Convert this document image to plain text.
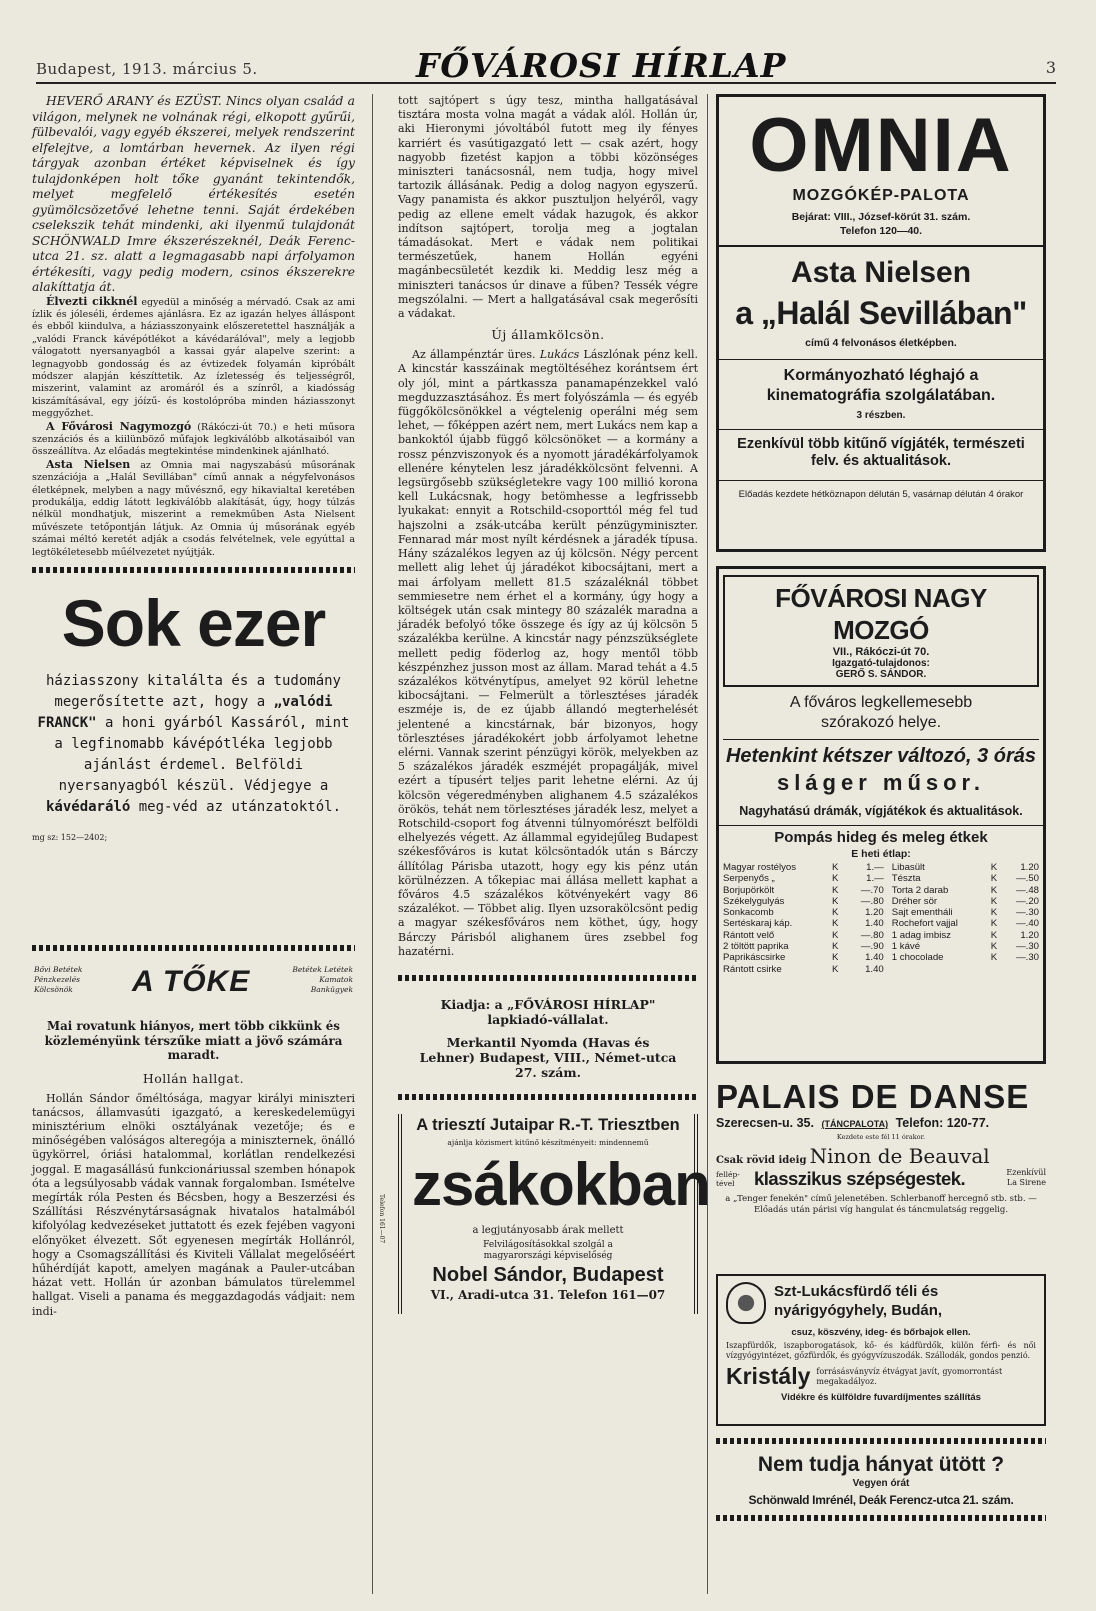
Budapest, 1913. március 5.	FŐVÁROSI HÍRLAP	3

HEVERŐ ARANY és EZÜST. Nincs olyan család a világon, melynek ne volnának régi, elkopott gyűrűi, fülbevalói, vagy egyéb ékszerei, melyek rendszerint elfelejtve, a lomtárban hevernek. Az ilyen régi tárgyak azonban értéket képviselnek és így tulajdonképen holt tőke gyanánt tekintendők, melyet megfelelő értékesítés esetén gyümölcsözetővé lehetne tenni. Saját érdekében cselekszik tehát mindenki, aki ilyenmű tulajdonát SCHÖNWALD Imre ékszerészeknél, Deák Ferenc-utca 21. sz. alatt a legmagasabb napi árfolyamon értékesíti, vagy pedig modern, csinos ékszerekre alakíttatja át.

Élvezti cikknél egyedül a minőség a mérvadó. Csak az ami ízlik és jóleséli, érdemes ajánlásra. Ez az igazán helyes álláspont és ebből kiindulva, a háziasszonyaink előszeretettel használják a „valódi Franck kávépótlékot a kávédarálóval", mely a legjobb válogatott nyersanyagból a kassai gyár alapelve szerint: a legnagyobb gondosság és az évtizedek folyamán kipróbált módszer alapján készíttetik. Az ízletesség és teljességről, miszerint, valamint az aromáról és a színről, a kiadósság kiszámításával, egy jóízű- és kostolópróba minden háziasszonyt meggyőzhet.

A Fővárosi Nagymozgó (Rákóczi-út 70.) e heti műsora szenzációs és a kiilünböző műfajok legkiválóbb alkotásaiból van összeállítva. Az előadás megtekintése mindenkinek ajánlható.

Asta Nielsen az Omnia mai nagyszabású műsorának szenzációja a „Halál Sevillában" című annak a négyfelvonásos életképnek, melyben a nagy művésznő, egy hikavialtal keretében produkálja, eddig látott legkiválóbb alakítását, úgy, hogy túlzás nélkül mondhatjuk, miszerint a remekműben Asta Nielsent művészete tetőpontján látjuk. Az Omnia új műsorának egyéb számai méltó keretét adják a csodás felvételnek, vele egyúttal a legtökéletesebb műélvezetet nyújtják.

Sok ezer

háziasszony kitalálta és a tudomány megerősítette azt, hogy a „valódi FRANCK" a honi gyárból Kassáról, mint a legfinomabb kávépótléka legjobb ajánlást érdemel. Belföldi nyersanyagból készül. Védjegye a kávédaráló meg-véd az utánzatoktól.

mg sz: 152—2402;
Bővi Betétek Pénzkezelés Kölcsönök	A TŐKE	Betétek Letétek Kamatok Bankügyek

Mai rovatunk hiányos, mert több cikkünk és közleményünk térszűke miatt a jövő számára maradt.

Hollán hallgat.

Hollán Sándor őméltósága, magyar királyi miniszteri tanácsos, államvasúti igazgató, a kereskedelemügyi minisztérium elnöki osztályának vezetője; és e minőségében valóságos alteregója a miniszternek, önálló ügykörrel, óriási hatalommal, korlátlan rendelkezési joggal. E magasállású funkcionáriussal szemben hónapok óta a legsúlyosabb vádak vannak forgalomban. Ismételve megírták róla Pesten és Bécsben, hogy a Beszerzési és Szállítási Részvénytársaságnak hivatalos hatalmából kifolyólag kedvezéseket juttatott és ezek fejében vagyoni előnyöket élvezett. Sőt egyenesen megírták Hollánról, hogy a Csomagszállítási és Kiviteli Vállalat megelőséért hűhérdíját kapott, amelyen magának a Pauler-utcában házat vett. Hollán úr azonban bámulatos türelemmel hallgat. Viseli a panama és meggazdagodás vádjait: nem indi-

tott sajtópert s úgy tesz, mintha hallgatásával tisztára mosta volna magát a vádak alól. Hollán úr, aki Hieronymi jóvoltából futott meg ily fényes karriért és vasútigazgató lett — csak azért, hogy nagyobb fizetést kapjon a többi közönséges miniszteri tanácsosnál, nem tudja, hogy mivel tartozik állásának. Pedig a dolog nagyon egyszerű. Vagy panamista és akkor pusztuljon helyéről, vagy pedig az ellene emelt vádak hazugok, és akkor indítson sajtópert, torolja meg a jogtalan támadásokat. Mert e vádak nem politikai természetűek, hanem Hollán egyéni magánbecsületét kezdik ki. Meddig lesz még a miniszteri tanácsos úr dinave a fűben? Tessék végre megszólalni. — Mert a hallgatásával csak megerősíti a vádakat.

Új államkölcsön.

Az állampénztár üres. Lukács Lászlónak pénz kell. A kincstár kasszáinak megtöltéséhez korántsem ért oly jól, mint a pártkassza panamapénzekkel való megduzzasztásához. És mert folyószámla — és egyéb függőkölcsönökkel a végtelenig operálni még sem lehet, — főképpen azért nem, mert Lukács nem kap a bankoktól újabb függő kölcsönöket — a kormány a rossz pénzviszonyok és a nyomott járadékárfolyamok ellenére kénytelen lesz járadékkölcsönt felvenni. A legsürgősebb szükségletekre vagy 100 millió korona kell Lukácsnak, hogy betömhesse a legfrissebb lyukakat: ennyit a Rotschild-csoporttól még fel tud hajszolni a zsák-utcába került pénzügyminiszter. Fennarad már most nyílt kérdésnek a járadék típusa. Hány százalékos legyen az új kölcsön. Négy percent mellett alig lehet új járadékot kibocsájtani, mert a mai árfolyam mellett 81.5 százaléknál többet semmiesetre nem érhet el a kormány, úgy hogy a költségek után csak mintegy 80 százalék maradna a járadék befolyó tőke összege és így az új kölcsön 5 százalékba kerülne. A kincstár nagy pénzszükséglete mellett pedig föderlog az, hogy mentől több készpénzhez jusson most az állam. Marad tehát a 4.5 százalékos kötvénytípus, amelyet 92 körül lehetne kibocsájtani. — Felmerült a törlesztéses járadék eszméje is, de ez újabb állandó megterhelését jelentené a kincstárnak, bár bizonyos, hogy törlesztéses járadékokért jobb árfolyamot lehetne elérni. Vannak szerint pénzügyi körök, melyekben az 5 százalékos járadék eszméjét propagálják, mivel ezért a típusért teljes parit lehetne elérni. Az új kölcsön végeredményben alighanem 4.5 százalékos örökös, tehát nem törlesztéses járadék lesz, melyet a Rotschild-csoport fog átvenni túlnyomórészt belföldi elhelyezés végett. Az állammal egyidejűleg Budapest székesfőváros is kutat kölcsöntadók után s Bárczy állítólag Párisba utazott, hogy egy kis pénz után körülnézzen. A tőkepiac mai állása mellett kaphat a főváros 4.5 százalékos kötvényekért vagy 86 százalékot. — Többet alig. Ilyen uzsorakölcsönt pedig a magyar székesfőváros nem köthet, úgy, hogy Bárczy Párisból alighanem üres zsebbel fog hazatérni.

Kiadja: a „FŐVÁROSI HÍRLAP" lapkiadó-vállalat.

Merkantil Nyomda (Havas és Lehner) Budapest, VIII., Német-utca 27. szám.

A triesztí Jutaipar R.-T. Triesztben
ajánlja közismert kitűnő készítményeit: mindennemű
zsákokban
a legjutányosabb árak mellett
Felvilágosításokkal szolgál a magyarországi képviselőség
Nobel Sándor, Budapest
VI., Aradi-utca 31. Telefon 161—07
Telefon 161—07
OMNIA
MOZGÓKÉP-PALOTA
Bejárat: VIII., József-körút 31. szám.
Telefon 120—40.
Asta Nielsen
a „Halál Sevillában"
című 4 felvonásos életképben.
Kormányozható léghajó a kinematográfia szolgálatában.
3 részben.
Ezenkívül több kitűnő vígjáték, természeti felv. és aktualitások.
Előadás kezdete hétköznapon délután 5, vasárnap délután 4 órakor
FŐVÁROSI NAGY MOZGÓ
VII., Rákóczi-út 70.
Igazgató-tulajdonos:
GERŐ S. SÁNDOR.
A főváros legkellemesebb szórakozó helye.
Hetenkint kétszer változó, 3 órás
sláger műsor.
Nagyhatású drámák, vígjátékok és aktualitások.
Pompás hideg és meleg étkek
E heti étlap:
Magyar rostélyos	K	1.—	Libasült	K	1.20
Serpenyős „	K	1.—	Tészta	K	—.50
Borjupörkölt	K	—.70	Torta 2 darab	K	—.48
Székelygulyás	K	—.80	Dréher sör	K	—.20
Sonkacomb	K	1.20	Sajt ementháli	K	—.30
Sertéskaraj káp.	K	1.40	Rochefort vajjal	K	—.40
Rántott velő	K	—.80	1 adag imbisz	K	1.20
2 töltött paprika	K	—.90	1 kávé	K	—.30
Paprikáscsirke	K	1.40	1 chocolade	K	—.30
Rántott csirke	K	1.40			
PALAIS DE DANSE
Szerecsen-u. 35. (TÁNCPALOTA) Telefon: 120-77.
Kezdete este fél 11 órakor.
Csak rövid ideig Ninon de Beauval
fellép-tével	klasszikus szépségestek.	Ezenkívül La Sirene
a „Tenger fenekén" című jelenetében. Schlerbanoff hercegnő stb. stb. — Előadás után párisi víg hangulat és táncmulatság reggelig.
Szt-Lukácsfürdő téli és nyárigyógyhely, Budán,
csuz, köszvény, ideg- és bőrbajok ellen.
Iszapfürdők, iszapborogatások, kő- és kádfürdők, külön férfi- és női vízgyógyintézet, gőzfürdők, és gyógyvízuszodák. Szállodák, gondos penzió.
Kristály forrásásványvíz étvágyat javít, gyomorrontást megakadályoz.
Vidékre és külföldre fuvardíjmentes szállítás
Nem tudja hányat ütött ?
Vegyen órát
Schönwald Imrénél, Deák Ferencz-utca 21. szám.
